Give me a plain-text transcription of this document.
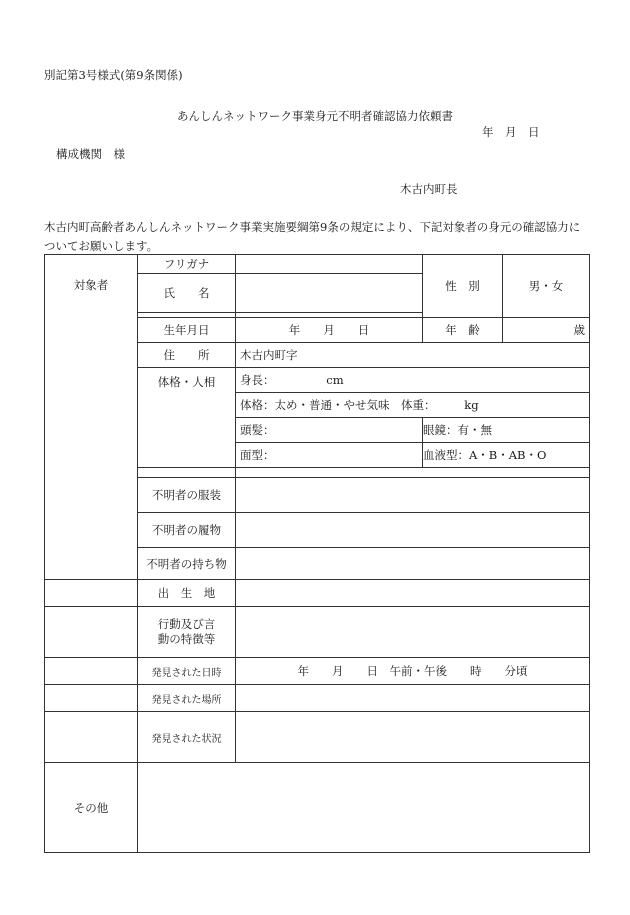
別記第3号様式(第9条関係)
あんしんネットワーク事業身元不明者確認協力依頼書
年　月　日
構成機関　様
木古内町長
木古内町高齢者あんしんネットワーク事業実施要綱第9条の規定により、下記対象者の身元の確認協力についてお願いします。
対象者	フリガナ		性　別	男・女
	氏　　名			

	生年月日	年　　月　　日	年　齢	歳
	住　　所	木古内町字		
	体格・人相	身長：　　　　　cm		
		体格：太め・普通・やせ気味　体重：　　　kg		
		頭髪：	眼鏡：有・無	
		面型：	血液型：A・B・AB・O	

	不明者の服装			
	不明者の履物			
	不明者の持ち物			
	出　生　地			
	行動及び言
動の特徴等			
	発見された日時	年　　月　　日　午前・午後　　時　　分頃		
	発見された場所			
	発見された状況			
その他				
